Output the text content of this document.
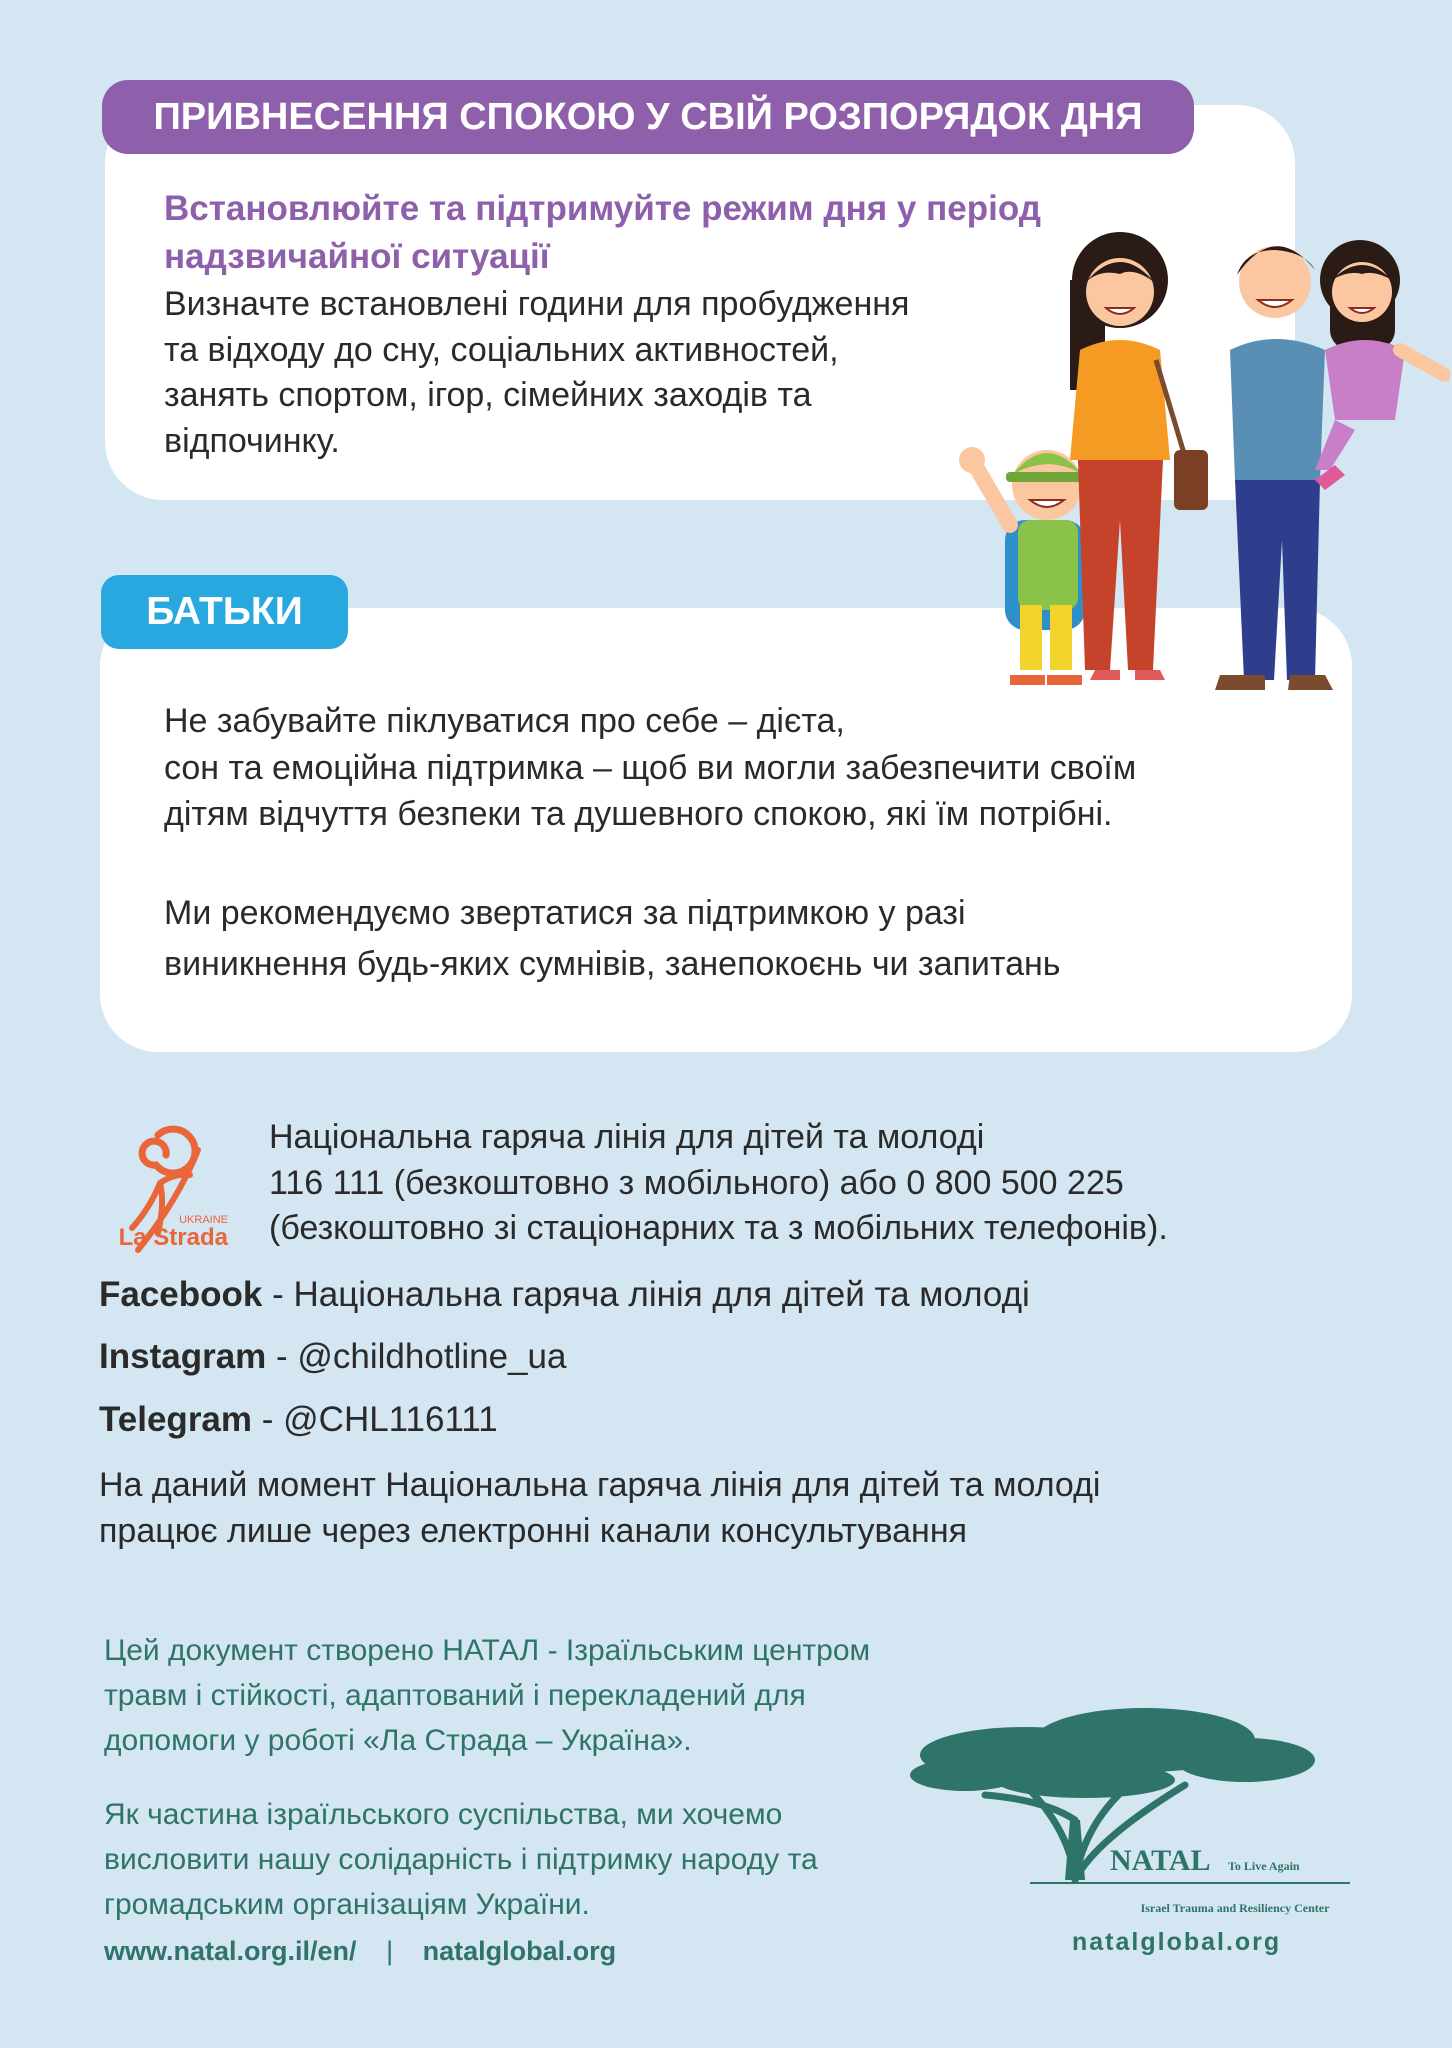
ПРИВНЕСЕННЯ СПОКОЮ У СВІЙ РОЗПОРЯДОК ДНЯ
Встановлюйте та підтримуйте режим дня у період
надзвичайної ситуації
Визначте встановлені години для пробудження
та відходу до сну, соціальних активностей,
занять спортом, ігор, сімейних заходів та
відпочинку.
БАТЬКИ
Не забувайте піклуватися про себе – дієта,
сон та емоційна підтримка – щоб ви могли забезпечити своїм
дітям відчуття безпеки та душевного спокою, які їм потрібні.
Ми рекомендуємо звертатися за підтримкою у разі
виникнення будь-яких сумнівів, занепокоєнь чи запитань
UKRAINE
La Strada
Національна гаряча лінія для дітей та молоді
116 111 (безкоштовно з мобільного) або 0 800 500 225
(безкоштовно зі стаціонарних та з мобільних телефонів).
Facebook - Національна гаряча лінія для дітей та молоді
Instagram - @childhotline_ua
Telegram - @CHL116111
На даний момент Національна гаряча лінія для дітей та молоді
працює лише через електронні канали консультування
Цей документ створено НАТАЛ - Ізраїльським центром
травм і стійкості, адаптований і перекладений для
допомоги у роботі «Ла Страда – Україна».
Як частина ізраїльського суспільства, ми хочемо
висловити нашу солідарність і підтримку народу та
громадським організаціям України.
www.natal.org.il/en/ | natalglobal.org
NATAL To Live Again
Israel Trauma and Resiliency Center
natalglobal.org
